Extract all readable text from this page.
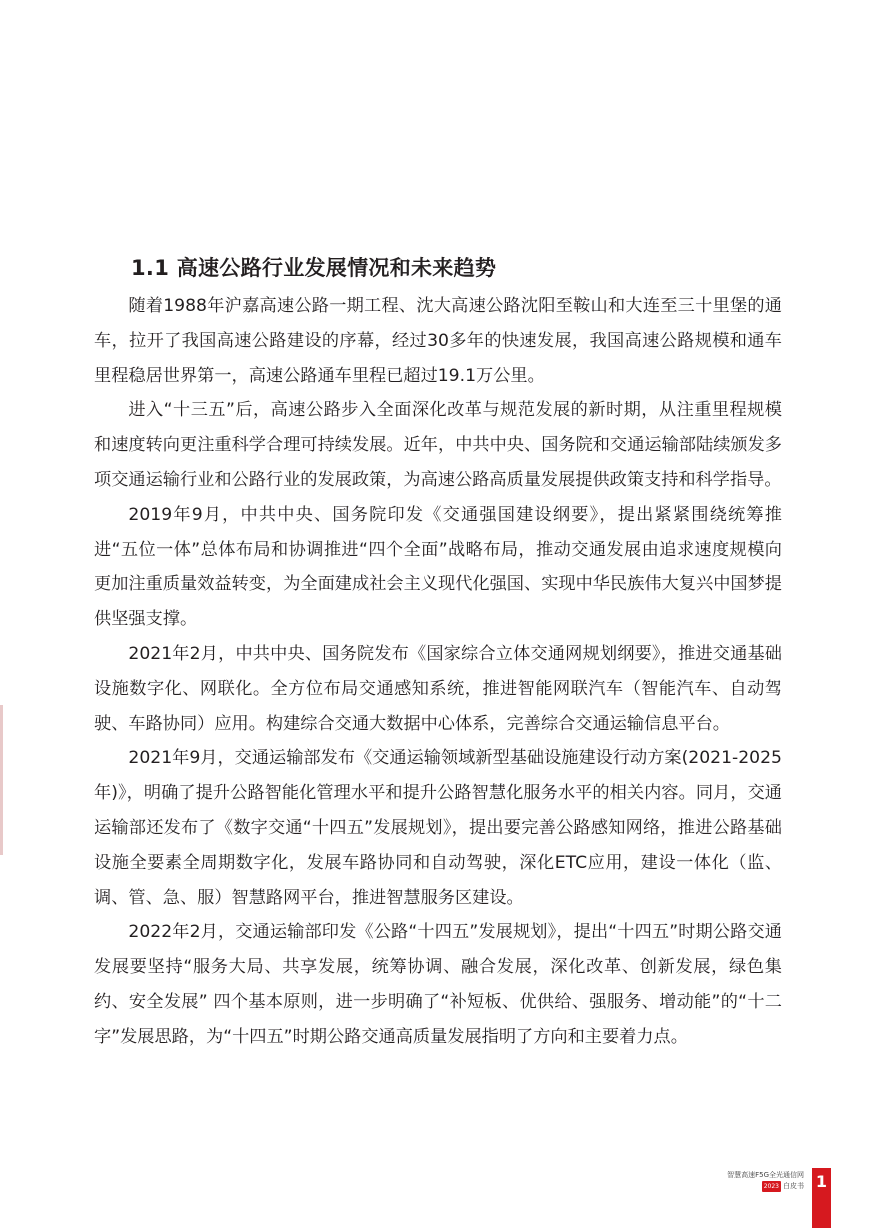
1.1 高速公路行业发展情况和未来趋势

随着1988年沪嘉高速公路一期工程、沈大高速公路沈阳至鞍山和大连至三十里堡的通车，拉开了我国高速公路建设的序幕，经过30多年的快速发展，我国高速公路规模和通车里程稳居世界第一，高速公路通车里程已超过19.1万公里。

进入“十三五”后，高速公路步入全面深化改革与规范发展的新时期，从注重里程规模和速度转向更注重科学合理可持续发展。近年，中共中央、国务院和交通运输部陆续颁发多项交通运输行业和公路行业的发展政策，为高速公路高质量发展提供政策支持和科学指导。

2019年9月，中共中央、国务院印发《交通强国建设纲要》，提出紧紧围绕统筹推进“五位一体”总体布局和协调推进“四个全面”战略布局，推动交通发展由追求速度规模向更加注重质量效益转变，为全面建成社会主义现代化强国、实现中华民族伟大复兴中国梦提供坚强支撑。

2021年2月，中共中央、国务院发布《国家综合立体交通网规划纲要》，推进交通基础设施数字化、网联化。全方位布局交通感知系统，推进智能网联汽车（智能汽车、自动驾驶、车路协同）应用。构建综合交通大数据中心体系，完善综合交通运输信息平台。

2021年9月，交通运输部发布《交通运输领域新型基础设施建设行动方案(2021-2025年)》，明确了提升公路智能化管理水平和提升公路智慧化服务水平的相关内容。同月，交通运输部还发布了《数字交通“十四五”发展规划》，提出要完善公路感知网络，推进公路基础设施全要素全周期数字化，发展车路协同和自动驾驶，深化ETC应用，建设一体化（监、调、管、急、服）智慧路网平台，推进智慧服务区建设。

2022年2月，交通运输部印发《公路“十四五”发展规划》，提出“十四五”时期公路交通发展要坚持“服务大局、共享发展，统筹协调、融合发展，深化改革、创新发展，绿色集约、安全发展” 四个基本原则，进一步明确了“补短板、优供给、强服务、增动能”的“十二字”发展思路，为“十四五”时期公路交通高质量发展指明了方向和主要着力点。

智慧高速F5G全光通信网
2023 白皮书 1
